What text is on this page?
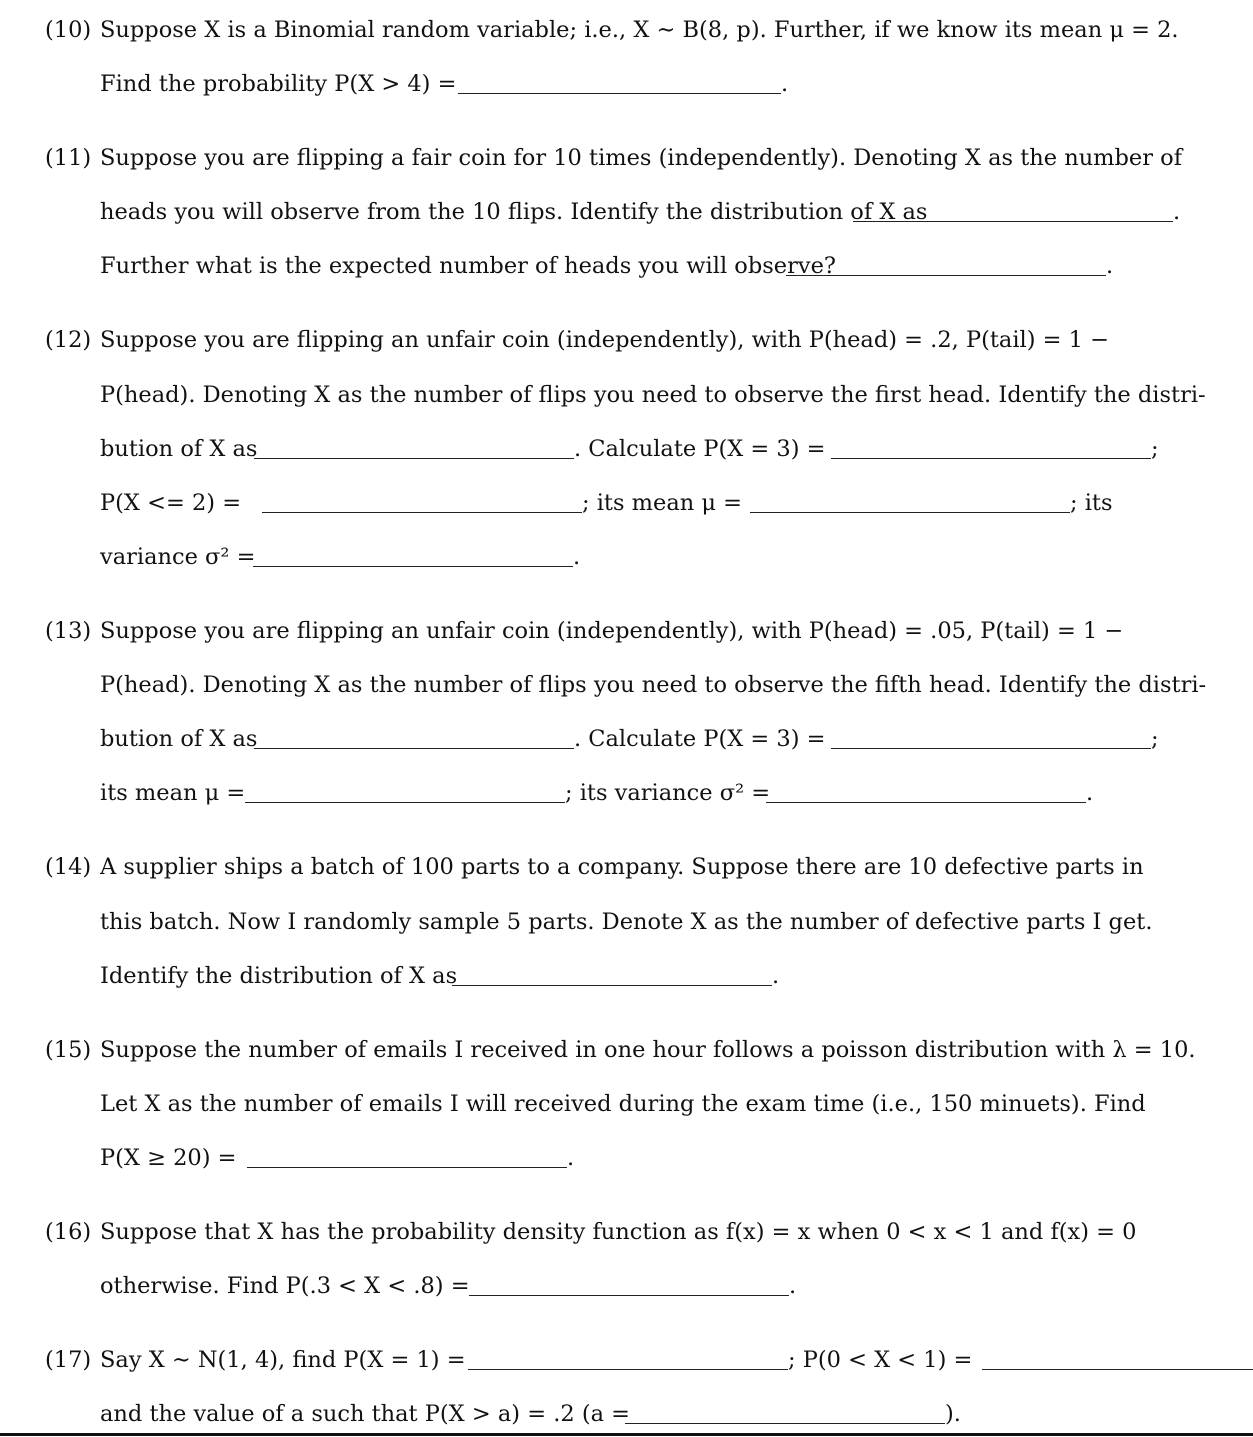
(10) Suppose X is a Binomial random variable; i.e., X ∼ B(8, p). Further, if we know its mean μ = 2.
Find the probability P(X > 4) =	.
(11) Suppose you are flipping a fair coin for 10 times (independently). Denoting X as the number of
heads you will observe from the 10 flips. Identify the distribution of X as	.
Further what is the expected number of heads you will observe?	.
(12) Suppose you are flipping an unfair coin (independently), with P(head) = .2, P(tail) = 1 −
P(head). Denoting X as the number of flips you need to observe the first head. Identify the distri-
bution of X as	. Calculate P(X = 3) =	;
P(X <= 2) =	; its mean μ =	; its
variance σ² =	.
(13) Suppose you are flipping an unfair coin (independently), with P(head) = .05, P(tail) = 1 −
P(head). Denoting X as the number of flips you need to observe the fifth head. Identify the distri-
bution of X as	. Calculate P(X = 3) =	;
its mean μ =	; its variance σ² =	.
(14) A supplier ships a batch of 100 parts to a company. Suppose there are 10 defective parts in
this batch. Now I randomly sample 5 parts. Denote X as the number of defective parts I get.
Identify the distribution of X as	.
(15) Suppose the number of emails I received in one hour follows a poisson distribution with λ = 10.
Let X as the number of emails I will received during the exam time (i.e., 150 minuets). Find
P(X ≥ 20) =	.
(16) Suppose that X has the probability density function as f(x) = x when 0 < x < 1 and f(x) = 0
otherwise. Find P(.3 < X < .8) =	.
(17) Say X ∼ N(1, 4), find P(X = 1) =	; P(0 < X < 1) =
and the value of a such that P(X > a) = .2 (a =	).
